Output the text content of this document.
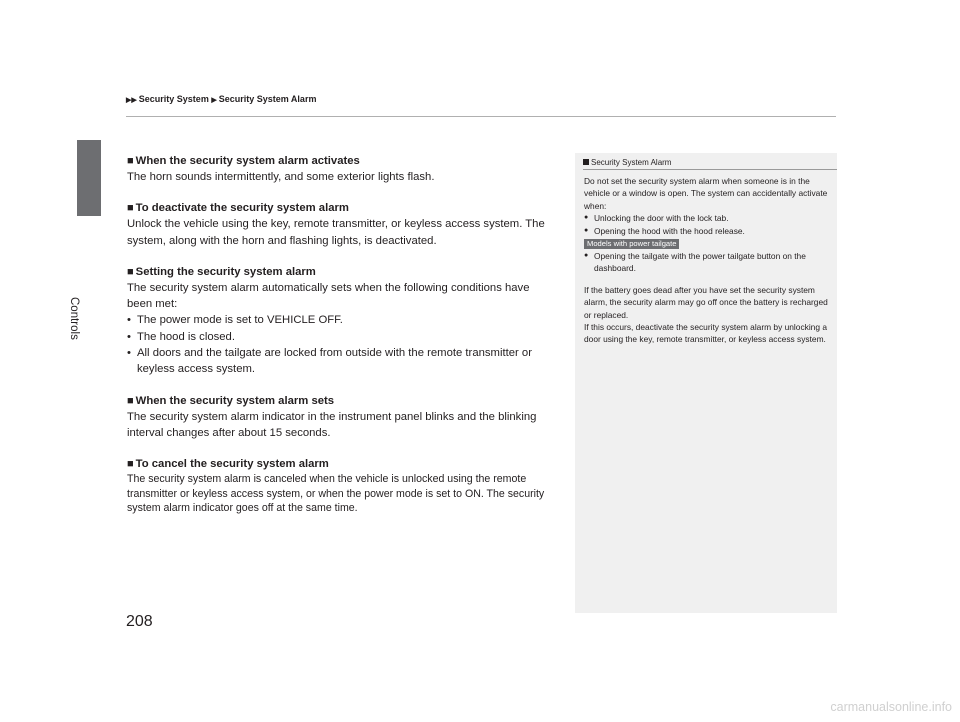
Controls
▶▶ Security System ▶ Security System Alarm
■ When the security system alarm activates

The horn sounds intermittently, and some exterior lights flash.

■ To deactivate the security system alarm

Unlock the vehicle using the key, remote transmitter, or keyless access system. The system, along with the horn and flashing lights, is deactivated.

■ Setting the security system alarm

The security system alarm automatically sets when the following conditions have been met:

• The power mode is set to VEHICLE OFF.
• The hood is closed.
• All doors and the tailgate are locked from outside with the remote transmitter or keyless access system.
■ When the security system alarm sets

The security system alarm indicator in the instrument panel blinks and the blinking interval changes after about 15 seconds.

■ To cancel the security system alarm

The security system alarm is canceled when the vehicle is unlocked using the remote transmitter or keyless access system, or when the power mode is set to ON. The security system alarm indicator goes off at the same time.

Security System Alarm

Do not set the security system alarm when someone is in the vehicle or a window is open. The system can accidentally activate when:

● Unlocking the door with the lock tab.
● Opening the hood with the hood release.
Models with power tailgate
● Opening the tailgate with the power tailgate button on the dashboard.

If the battery goes dead after you have set the security system alarm, the security alarm may go off once the battery is recharged or replaced.

If this occurs, deactivate the security system alarm by unlocking a door using the key, remote transmitter, or keyless access system.

208
carmanualsonline.info
